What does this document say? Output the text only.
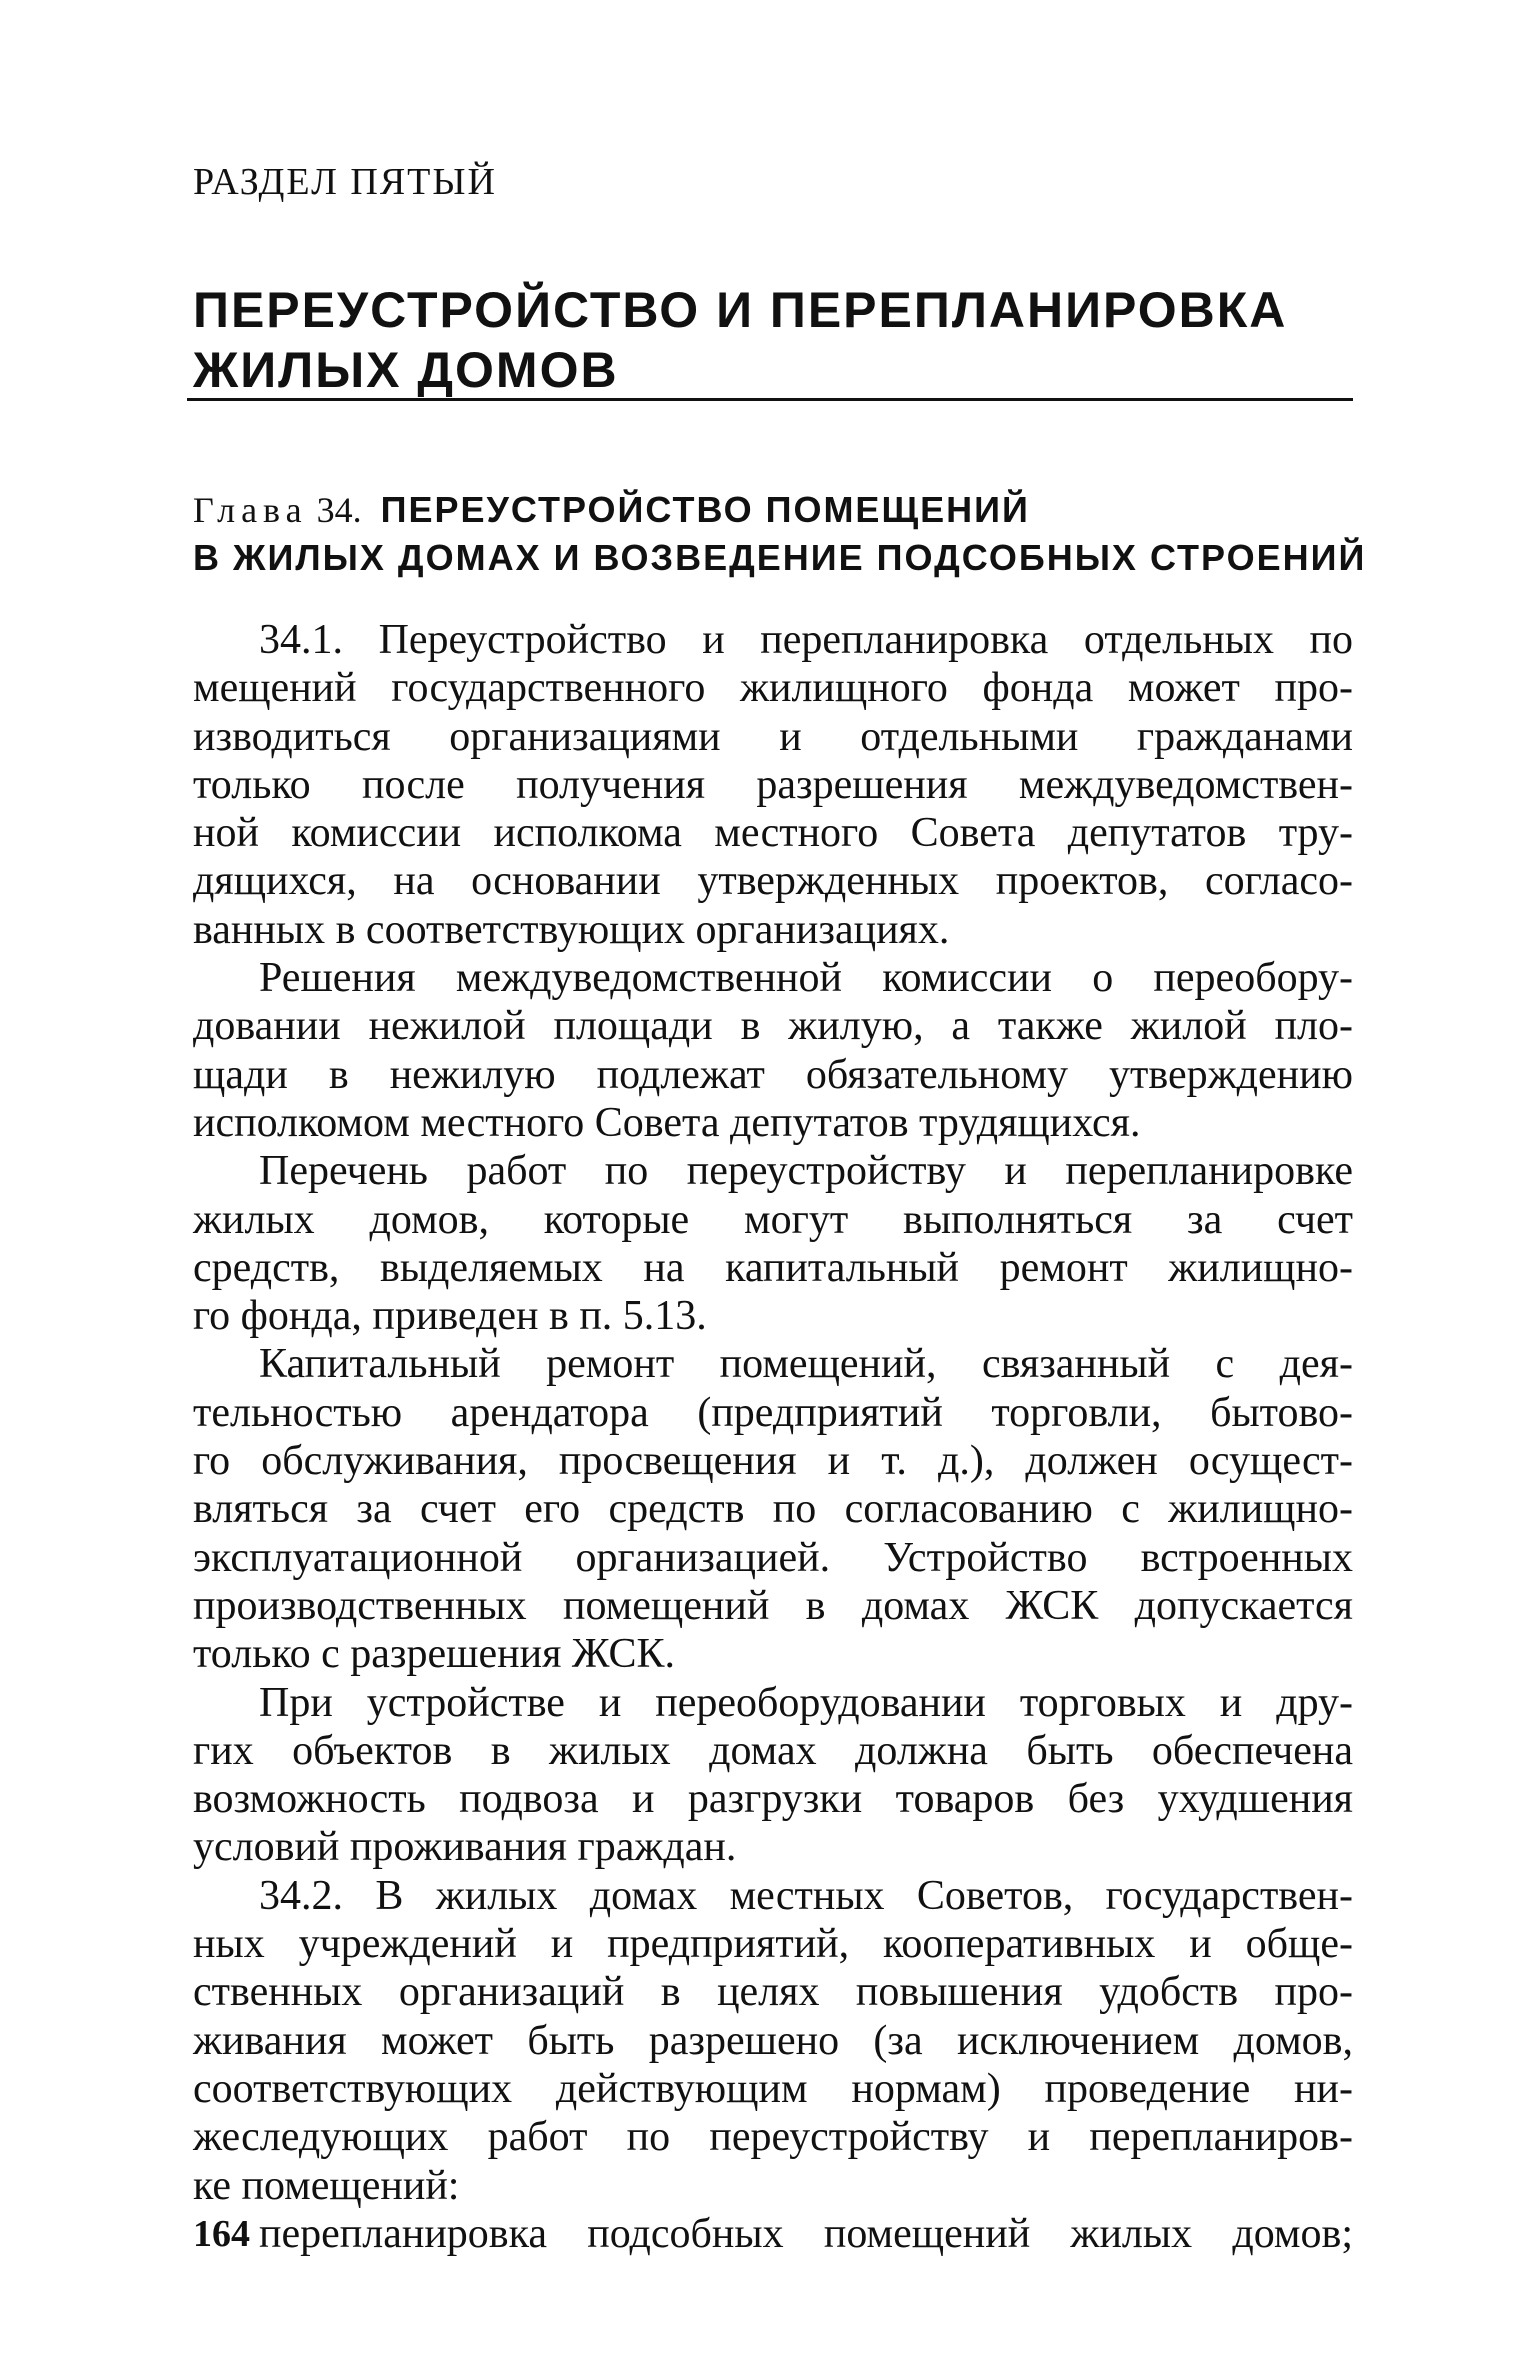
РАЗДЕЛ ПЯТЫЙ
ПЕРЕУСТРОЙСТВО И ПЕРЕПЛАНИРОВКА
ЖИЛЫХ ДОМОВ
Глава 34. ПЕРЕУСТРОЙСТВО ПОМЕЩЕНИЙ
В ЖИЛЫХ ДОМАХ И ВОЗВЕДЕНИЕ ПОДСОБНЫХ СТРОЕНИЙ
34.1. Переустройство и перепланировка отдельных по
мещений государственного жилищного фонда может про-
изводиться организациями и отдельными гражданами
только после получения разрешения междуведомствен-
ной комиссии исполкома местного Совета депутатов тру-
дящихся, на основании утвержденных проектов, согласо-
ванных в соответствующих организациях.
Решения междуведомственной комиссии о переобору-
довании нежилой площади в жилую, а также жилой пло-
щади в нежилую подлежат обязательному утверждению
исполкомом местного Совета депутатов трудящихся.
Перечень работ по переустройству и перепланировке
жилых домов, которые могут выполняться за счет
средств, выделяемых на капитальный ремонт жилищно-
го фонда, приведен в п. 5.13.
Капитальный ремонт помещений, связанный с дея-
тельностью арендатора (предприятий торговли, бытово-
го обслуживания, просвещения и т. д.), должен осущест-
вляться за счет его средств по согласованию с жилищно-
эксплуатационной организацией. Устройство встроенных
производственных помещений в домах ЖСК допускается
только с разрешения ЖСК.
При устройстве и переоборудовании торговых и дру-
гих объектов в жилых домах должна быть обеспечена
возможность подвоза и разгрузки товаров без ухудшения
условий проживания граждан.
34.2. В жилых домах местных Советов, государствен-
ных учреждений и предприятий, кооперативных и обще-
ственных организаций в целях повышения удобств про-
живания может быть разрешено (за исключением домов,
соответствующих действующим нормам) проведение ни-
жеследующих работ по переустройству и перепланиров-
ке помещений:
перепланировка подсобных помещений жилых домов;
164
